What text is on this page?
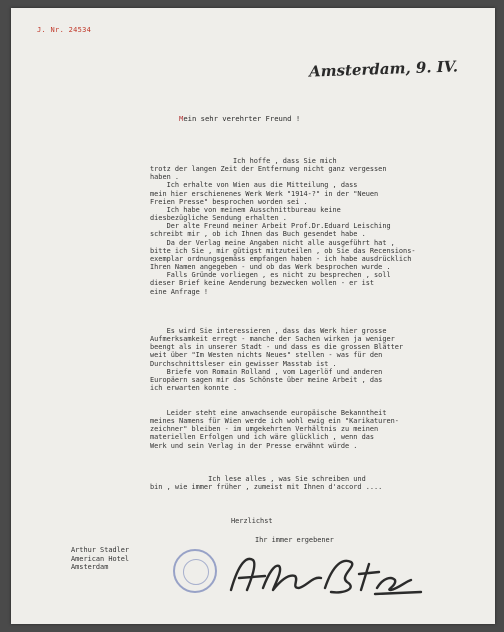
J. Nr. 24534
Amsterdam, 9. IV.
Mein sehr verehrter Freund !
Ich hoffe , dass Sie mich
trotz der langen Zeit der Entfernung nicht ganz vergessen
haben .
Ich erhalte von Wien aus die Mitteilung , dass
mein hier erschienenes Werk Werk "1914-?" in der "Neuen
Freien Presse" besprochen worden sei .
Ich habe von meinem Ausschnittbureau keine
diesbezügliche Sendung erhalten .
Der alte Freund meiner Arbeit Prof.Dr.Eduard Leisching
schreibt mir , ob ich Ihnen das Buch gesendet habe .
Da der Verlag meine Angaben nicht alle ausgeführt hat ,
bitte ich Sie , mir gütigst mitzuteilen , ob Sie das Recensions-
exemplar ordnungsgemäss empfangen haben - ich habe ausdrücklich
Ihren Namen angegeben - und ob das Werk besprochen wurde .
Falls Gründe vorliegen , es nicht zu besprechen , soll
dieser Brief keine Aenderung bezwecken wollen - er ist
eine Anfrage !
Es wird Sie interessieren , dass das Werk hier grosse
Aufmerksamkeit erregt - manche der Sachen wirken ja weniger
beengt als in unserer Stadt - und dass es die grossen Blätter
weit über "Im Westen nichts Neues" stellen - was für den
Durchschnittsleser ein gewisser Masstab ist .
Briefe von Romain Rolland , vom Lagerlöf und anderen
Europäern sagen mir das Schönste über meine Arbeit , das
ich erwarten konnte .
Leider steht eine anwachsende europäische Bekanntheit
meines Namens für Wien werde ich wohl ewig ein "Karikaturen-
zeichner" bleiben - im umgekehrten Verhältnis zu meinen
materiellen Erfolgen und ich wäre glücklich , wenn das
Werk und sein Verlag in der Presse erwähnt würde .
Ich lese alles , was Sie schreiben und
bin , wie immer früher , zumeist mit Ihnen d'accord ....
Herzlichst
Ihr immer ergebener
Arthur Stadler
American Hotel
Amsterdam
